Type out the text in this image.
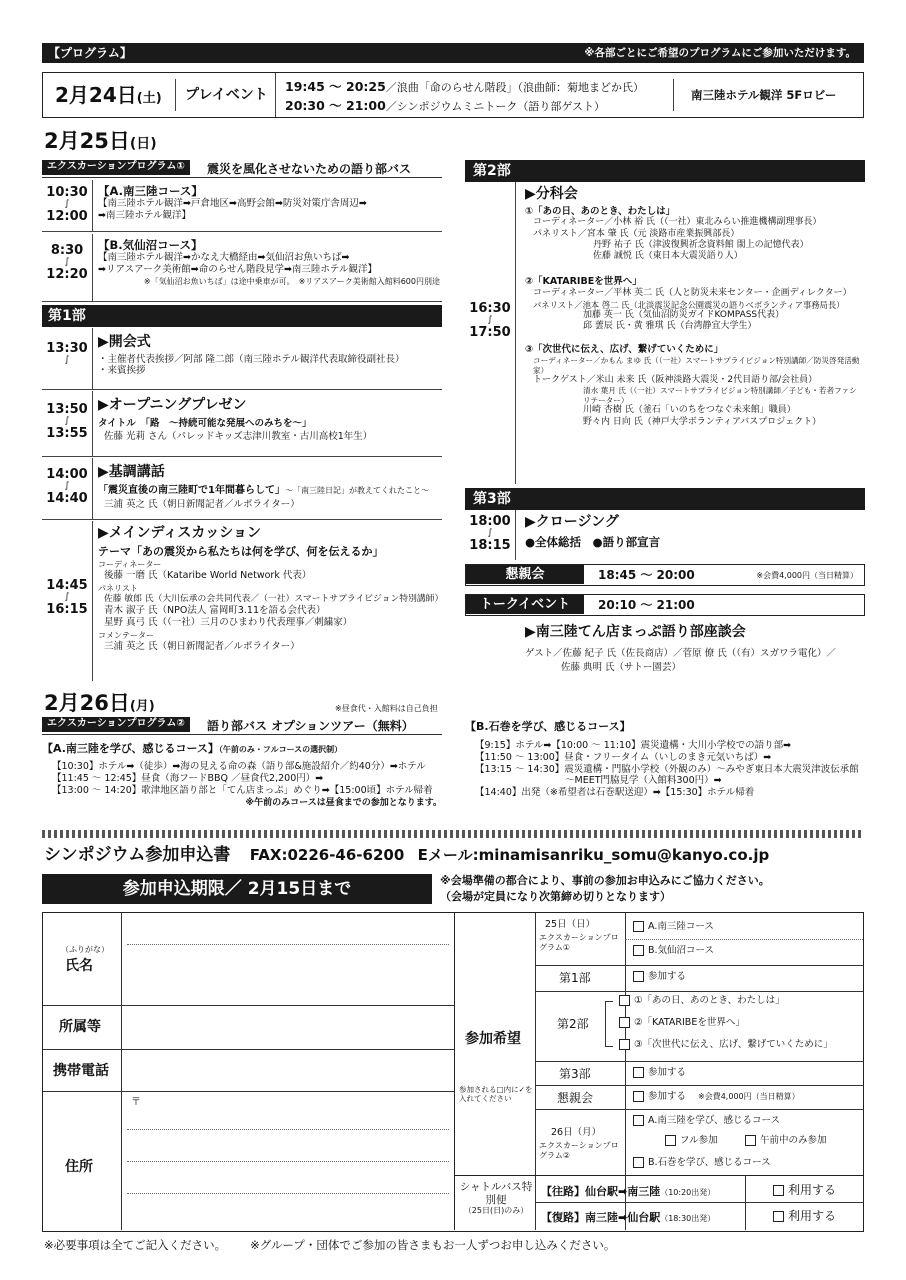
【プログラム】	※各部ごとにご希望のプログラムにご参加いただけます。
2月24日(土) プレイベント
19:45 ～ 20:25／浪曲「命のらせん階段」（浪曲師：菊地まどか氏）
20:30 ～ 21:00／シンポジウムミニトーク（語り部ゲスト）
南三陸ホテル観洋 5Fロビー
2月25日(日)
エクスカーションプログラム①	震災を風化させないための語り部バス
10:30
∫
12:00
【A.南三陸コース】
【南三陸ホテル観洋➡戸倉地区➡高野会館➡防災対策庁舎周辺➡
➡南三陸ホテル観洋】
8:30
∫
12:20
【B.気仙沼コース】
【南三陸ホテル観洋➡かなえ大橋経由➡気仙沼お魚いちば➡
➡リアスアーク美術館➡命のらせん階段見学➡南三陸ホテル観洋】
※「気仙沼お魚いちば」は途中乗車が可。　※リアスアーク美術館入館料600円別途
第1部
13:30
∫
▶開会式
・主催者代表挨拶／阿部 隆二郎（南三陸ホテル観洋代表取締役副社長）
・来賓挨拶
13:50
∫
13:55
▶オープニングプレゼン
タイトル　「路　～持続可能な発展へのみちを～」
佐藤 光莉 さん（パレッドキッズ志津川教室・古川高校1年生）
14:00
∫
14:40
▶基調講話
「震災直後の南三陸町で1年間暮らして」～「南三陸日記」が教えてくれたこと～
三浦 英之 氏（朝日新聞記者／ルポライター）
14:45
∫
16:15
▶メインディスカッション
テーマ「あの震災から私たちは何を学び、何を伝えるか」
コーディネーター
後藤 一磨 氏（Kataribe World Network 代表）
パネリスト
佐藤 敏郎 氏（大川伝承の会共同代表／（一社）スマートサプライビジョン特別講師）
青木 淑子 氏（NPO法人 富岡町3.11を語る会代表）
星野 真弓 氏（（一社）三月のひまわり代表理事／刺繍家）
コメンテーター
三浦 英之 氏（朝日新聞記者／ルポライター）
第2部
16:30
∫
17:50
▶分科会
①「あの日、あのとき、わたしは」
コーディネーター／小林 裕 氏（（一社）東北みらい推進機構副理事長）
パネリスト／宮本 肇 氏（元 淡路市産業振興部長）
丹野 祐子 氏（津波復興祈念資料館 閖上の記憶代表）
佐藤 誠悦 氏（東日本大震災語り人）
②「KATARIBEを世界へ」
コーディネーター／平林 英二 氏（人と防災未来センター・企画ディレクター）
パネリスト／池本 啓二 氏（北淡震災記念公園震災の語りべボランティア事務局長）
加藤 英一 氏（気仙沼防災ガイドKOMPASS代表）
邱 蕓辰 氏・黄 雅琪 氏（台湾静宜大学生）
③「次世代に伝え、広げ、繋げていくために」
コーディネーター／かもん まゆ 氏（（一社）スマートサプライビジョン特別講師／防災啓発活動家）
トークゲスト／米山 未来 氏（阪神淡路大震災・2代目語り部/会社員）
清水 葉月 氏（（一社）スマートサプライビジョン特別講師／子ども・若者ファシリテーター）
川崎 杏樹 氏（釜石「いのちをつなぐ未来館」職員）
野々内 日向 氏（神戸大学ボランティアバスプロジェクト）
第3部
18:00
∫
18:15
▶クロージング
●全体総括　●語り部宣言
懇親会	18:45 ～ 20:00	※会費4,000円（当日精算）
トークイベント	20:10 ～ 21:00
▶南三陸てん店まっぷ語り部座談会
ゲスト／佐藤 紀子 氏（佐長商店）／菅原 僚 氏（（有）スガワラ電化）／
佐藤 典明 氏（サトー園芸）
2月26日(月)	※昼食代・入館料は自己負担
エクスカーションプログラム②	語り部バス オプションツアー（無料）
【A.南三陸を学び、感じるコース】（午前のみ・フルコースの選択制）
【10:30】ホテル➡（徒歩）➡海の見える命の森（語り部&施設紹介／約40分）➡ホテル
【11:45 ～ 12:45】昼食（海フードBBQ ／昼食代2,200円）➡
【13:00 ～ 14:20】歌津地区語り部と「てん店まっぷ」めぐり➡【15:00頃】ホテル帰着
※午前のみコースは昼食までの参加となります。
【B.石巻を学び、感じるコース】
【9:15】ホテル➡【10:00 ～ 11:10】震災遺構・大川小学校での語り部➡
【11:50 ～ 13:00】昼食・フリータイム（いしのまき元気いちば）➡
【13:15 ～ 14:30】震災遺構・門脇小学校（外観のみ）～みやぎ東日本大震災津波伝承館
～MEET門脇見学（入館料300円）➡
【14:40】出発（※希望者は石巻駅送迎）➡【15:30】ホテル帰着
シンポジウム参加申込書 FAX:0226-46-6200 Eメール:minamisanriku_somu@kanyo.co.jp
参加申込期限／ 2月15日まで	※会場準備の都合により、事前の参加お申込みにご協力ください。
（会場が定員になり次第締め切りとなります）
（ふりがな）
氏名
所属等
携帯電話
住所
〒
参加希望
参加される□内に✓を入れてください
25日（日）
エクスカーションプログラム①
A.南三陸コース
B.気仙沼コース
第1部	参加する
第2部
①「あの日、あのとき、わたしは」
②「KATARIBEを世界へ」
③「次世代に伝え、広げ、繋げていくために」
第3部	参加する
懇親会	参加する ※会費4,000円（当日精算）
26日（月）
エクスカーションプログラム②
A.南三陸を学び、感じるコース
フル参加	午前中のみ参加
B.石巻を学び、感じるコース
シャトルバス特別便
（25日(日)のみ）
【往路】仙台駅➡南三陸（10:20出発）	利用する
【復路】南三陸➡仙台駅（18:30出発）	利用する
※必要事項は全てご記入ください。 ※グループ・団体でご参加の皆さまもお一人ずつお申し込みください。
